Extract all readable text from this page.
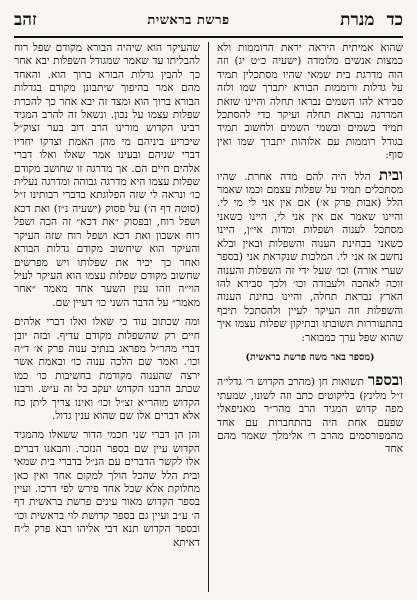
כד
מנרת
פרשת בראשית
זהב

שהוא אמיתית היראה יראת הרוממות ולא כמצות אנשים מלומדה (ישעיה כ״ט יג) וזה הוה מדרגת בית שמאי שהיו מסתכלין תמיד על גדלות ורוממות הבורא יתברך שמו ולזה סבירא להו השמים נבראו תחלה והיינו שזאת המדרגה נבראת תחלה ועיקר כדי להסתכל תמיד בשמים ובשמי השמים ולחשוב תמיד בגודל רוממות עם אלוהות יתברך שמו ואין סוף:

ובית הלל היה להם מדה אחרת. שהיו מסתכלים תמיד על שפלות עצמם וכמו שאמר הלל (אבות פרק א׳) אם אין אני לי מי לי. והיינו שאמר אם אין אני לי, היינו כשאני מסתכל לענוה ושפלות ומדות אי״ן, היינו כשאני בבחינת הענוה והשפלות ובאין ובלא נחשב אז אני לי. המלכות שנקראת אני (בספר שערי אורה) וכו׳ שעל ידי זה השפלות והענוה זוכה לאהבה ולעבודה וכו׳ ולכך סבירא להו הארץ נבראת תחלה, והיינו בחינת הענוה והשפלות וזה העיקר לעיין ולהסתכל תיכף בהתעוררות תשובתו ובתיקון שפלות עצמו איך שהוא שפל ערך כמבואר:

(מספר באר משה פרשת בראשית)

ובספר תשואות חן (מהרב הקדוש ר׳ גדלי׳ה ז״ל מלינץ) בליקוטים כתב וזה לשונו, שמעתי מפה קדוש המגיד הרב מהר״ר מאניפאלי שפעם אחת היה בהתחברות עם אחד מהמפורסמים מהרב ר׳ אלימלך שאמר מהם אחד

שהעיקר הוא שיהיה הבורא מקודם שפל רוח להבליתו עד שאמר שמגודל השפלות יבא אחר כך להבין גדלות הבורא ברוך הוא. והאחד מהם אמר בהיפוך שיתבונן מקודם בגדלות הבורא ברוך הוא ומצד זה יבא אחר כך להכרת שפלות עצמו על נכון. ונשאל זה להרב המגיד רבינו הקדוש מורינו הרב דוב בער זצוק״ל שיכריע ביניהם מי מהן האמת וצדקו יחדיו דברי שניהם ובעינו אמר שאלו ואלו דברי אלהים חיים הם. אך מדרגה זו שחושב מקודם שפלות עצמו היא מדרגה גבוהה ומדרגה נעלית כו׳ ונראה לי שזה הפלוגתא בדברי רבותינו ז״ל (סוטה דף ה׳) על פסוק (ישעיה נ״ז) ואת דכא ושפל רוח, ובפסוק ״את דכא״ זה הכה ושפל רוח אשכון ואת דכא ושפל רוח שזה העיקר והעיקר הוא שיחשוב מקודם גדלות הבורא ואחר כך יכיר את שפלותו ויש מפרשים שחשוב מקודם שפלות עצמו הוא העיקר לעיל הוי״ה וזהו ענין השער אחד מאמר ״אחר מאמר״ על הדבר השני כו׳ דעיין שם.

ומה שכתוב עוד כי שאלו ואלו דברי אלהים חיים רק שהשפלות מקודם עדיף. ובזה יובן דברי מהר״ל מפראג בנתיב ענוה פרק א׳ ד״ה וכו׳. ואמר שם הלכה ענוה כו׳ ובאמת אשר ירצה שהענוה מקודמת בחשיבות כו׳ כמו שכתב הרבנו הקדוש יעקב כל זה ע״ש. ורבנו הקדוש מוהר״א זצ״ל וכו׳ ואינו צריך ליתן כח אלא דברים אלו שם שהוא ענין גדול.

והן הן דברי שני חכמי הדור ששאלו מהמגיד הקדוש עיין שם בספר הנזכר. והבאנו דברים אלו לקשר הדברים עם הנ״ל בדברי בית שמאי ובית הלל שהכל הולך למקום אחד ואין כאן מחלוקת אלא שכל אחד פירש לפי דרכו. ועיין בספר הקדוש מאור עינים פרשת בראשית דף ה׳ ע״ב ועיין גם בספר קדושת לוי בראשית וכו׳ ובספר הקדוש תנא דבי אליהו רבא פרק ל״ח דאיתא
